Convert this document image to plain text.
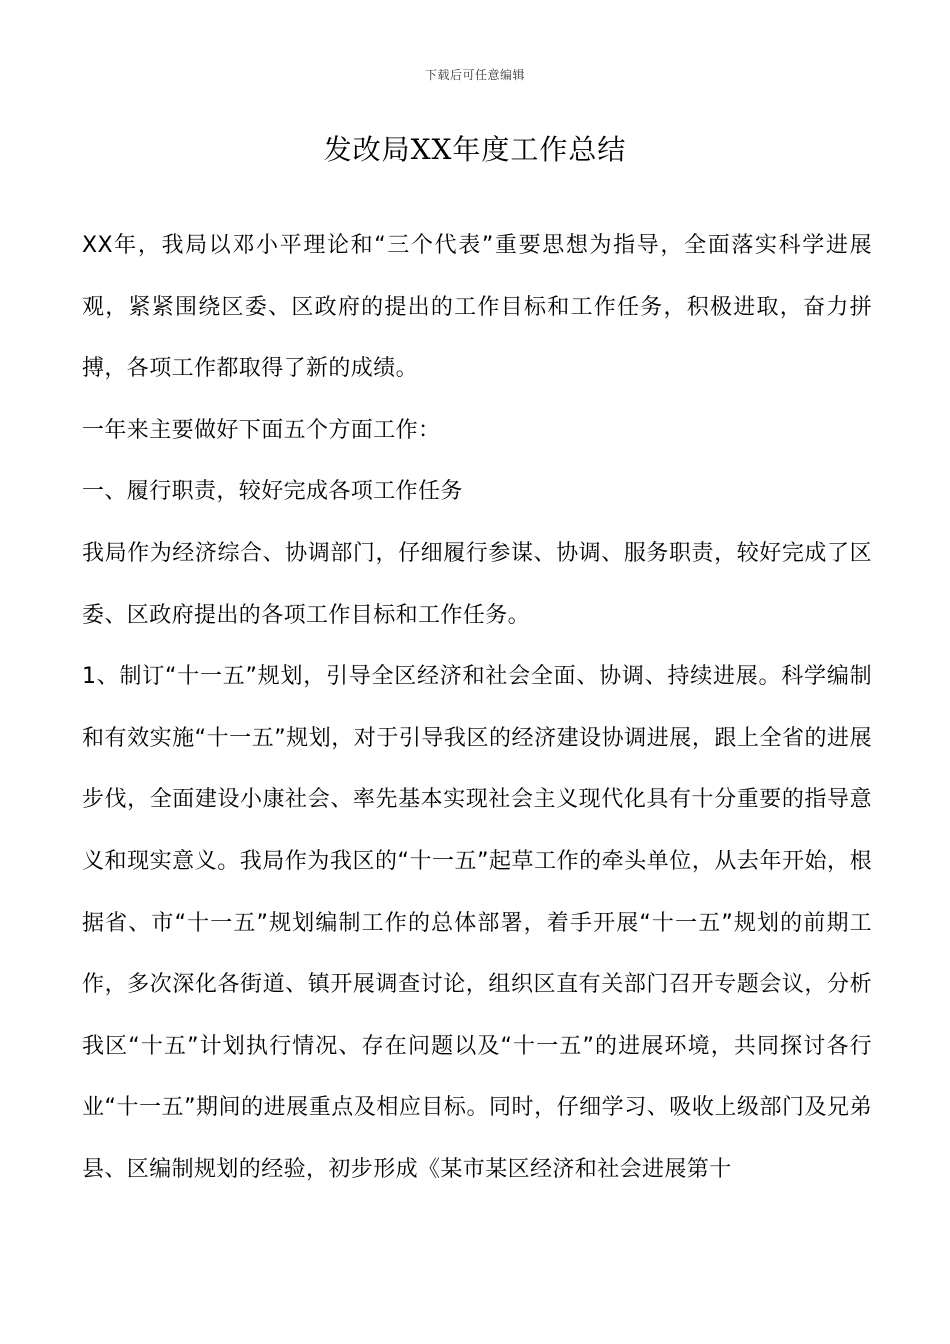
下载后可任意编辑
发改局XX年度工作总结

XX年，我局以邓小平理论和“三个代表”重要思想为指导，全面落实科学进展观，紧紧围绕区委、区政府的提出的工作目标和工作任务，积极进取，奋力拼搏，各项工作都取得了新的成绩。

一年来主要做好下面五个方面工作：

一、履行职责，较好完成各项工作任务

我局作为经济综合、协调部门，仔细履行参谋、协调、服务职责，较好完成了区委、区政府提出的各项工作目标和工作任务。

1、制订“十一五”规划，引导全区经济和社会全面、协调、持续进展。科学编制和有效实施“十一五”规划，对于引导我区的经济建设协调进展，跟上全省的进展步伐，全面建设小康社会、率先基本实现社会主义现代化具有十分重要的指导意义和现实意义。我局作为我区的“十一五”起草工作的牵头单位，从去年开始，根据省、市“十一五”规划编制工作的总体部署，着手开展“十一五”规划的前期工作，多次深化各街道、镇开展调查讨论，组织区直有关部门召开专题会议，分析我区“十五”计划执行情况、存在问题以及“十一五”的进展环境，共同探讨各行业“十一五”期间的进展重点及相应目标。同时，仔细学习、吸收上级部门及兄弟县、区编制规划的经验，初步形成《某市某区经济和社会进展第十
